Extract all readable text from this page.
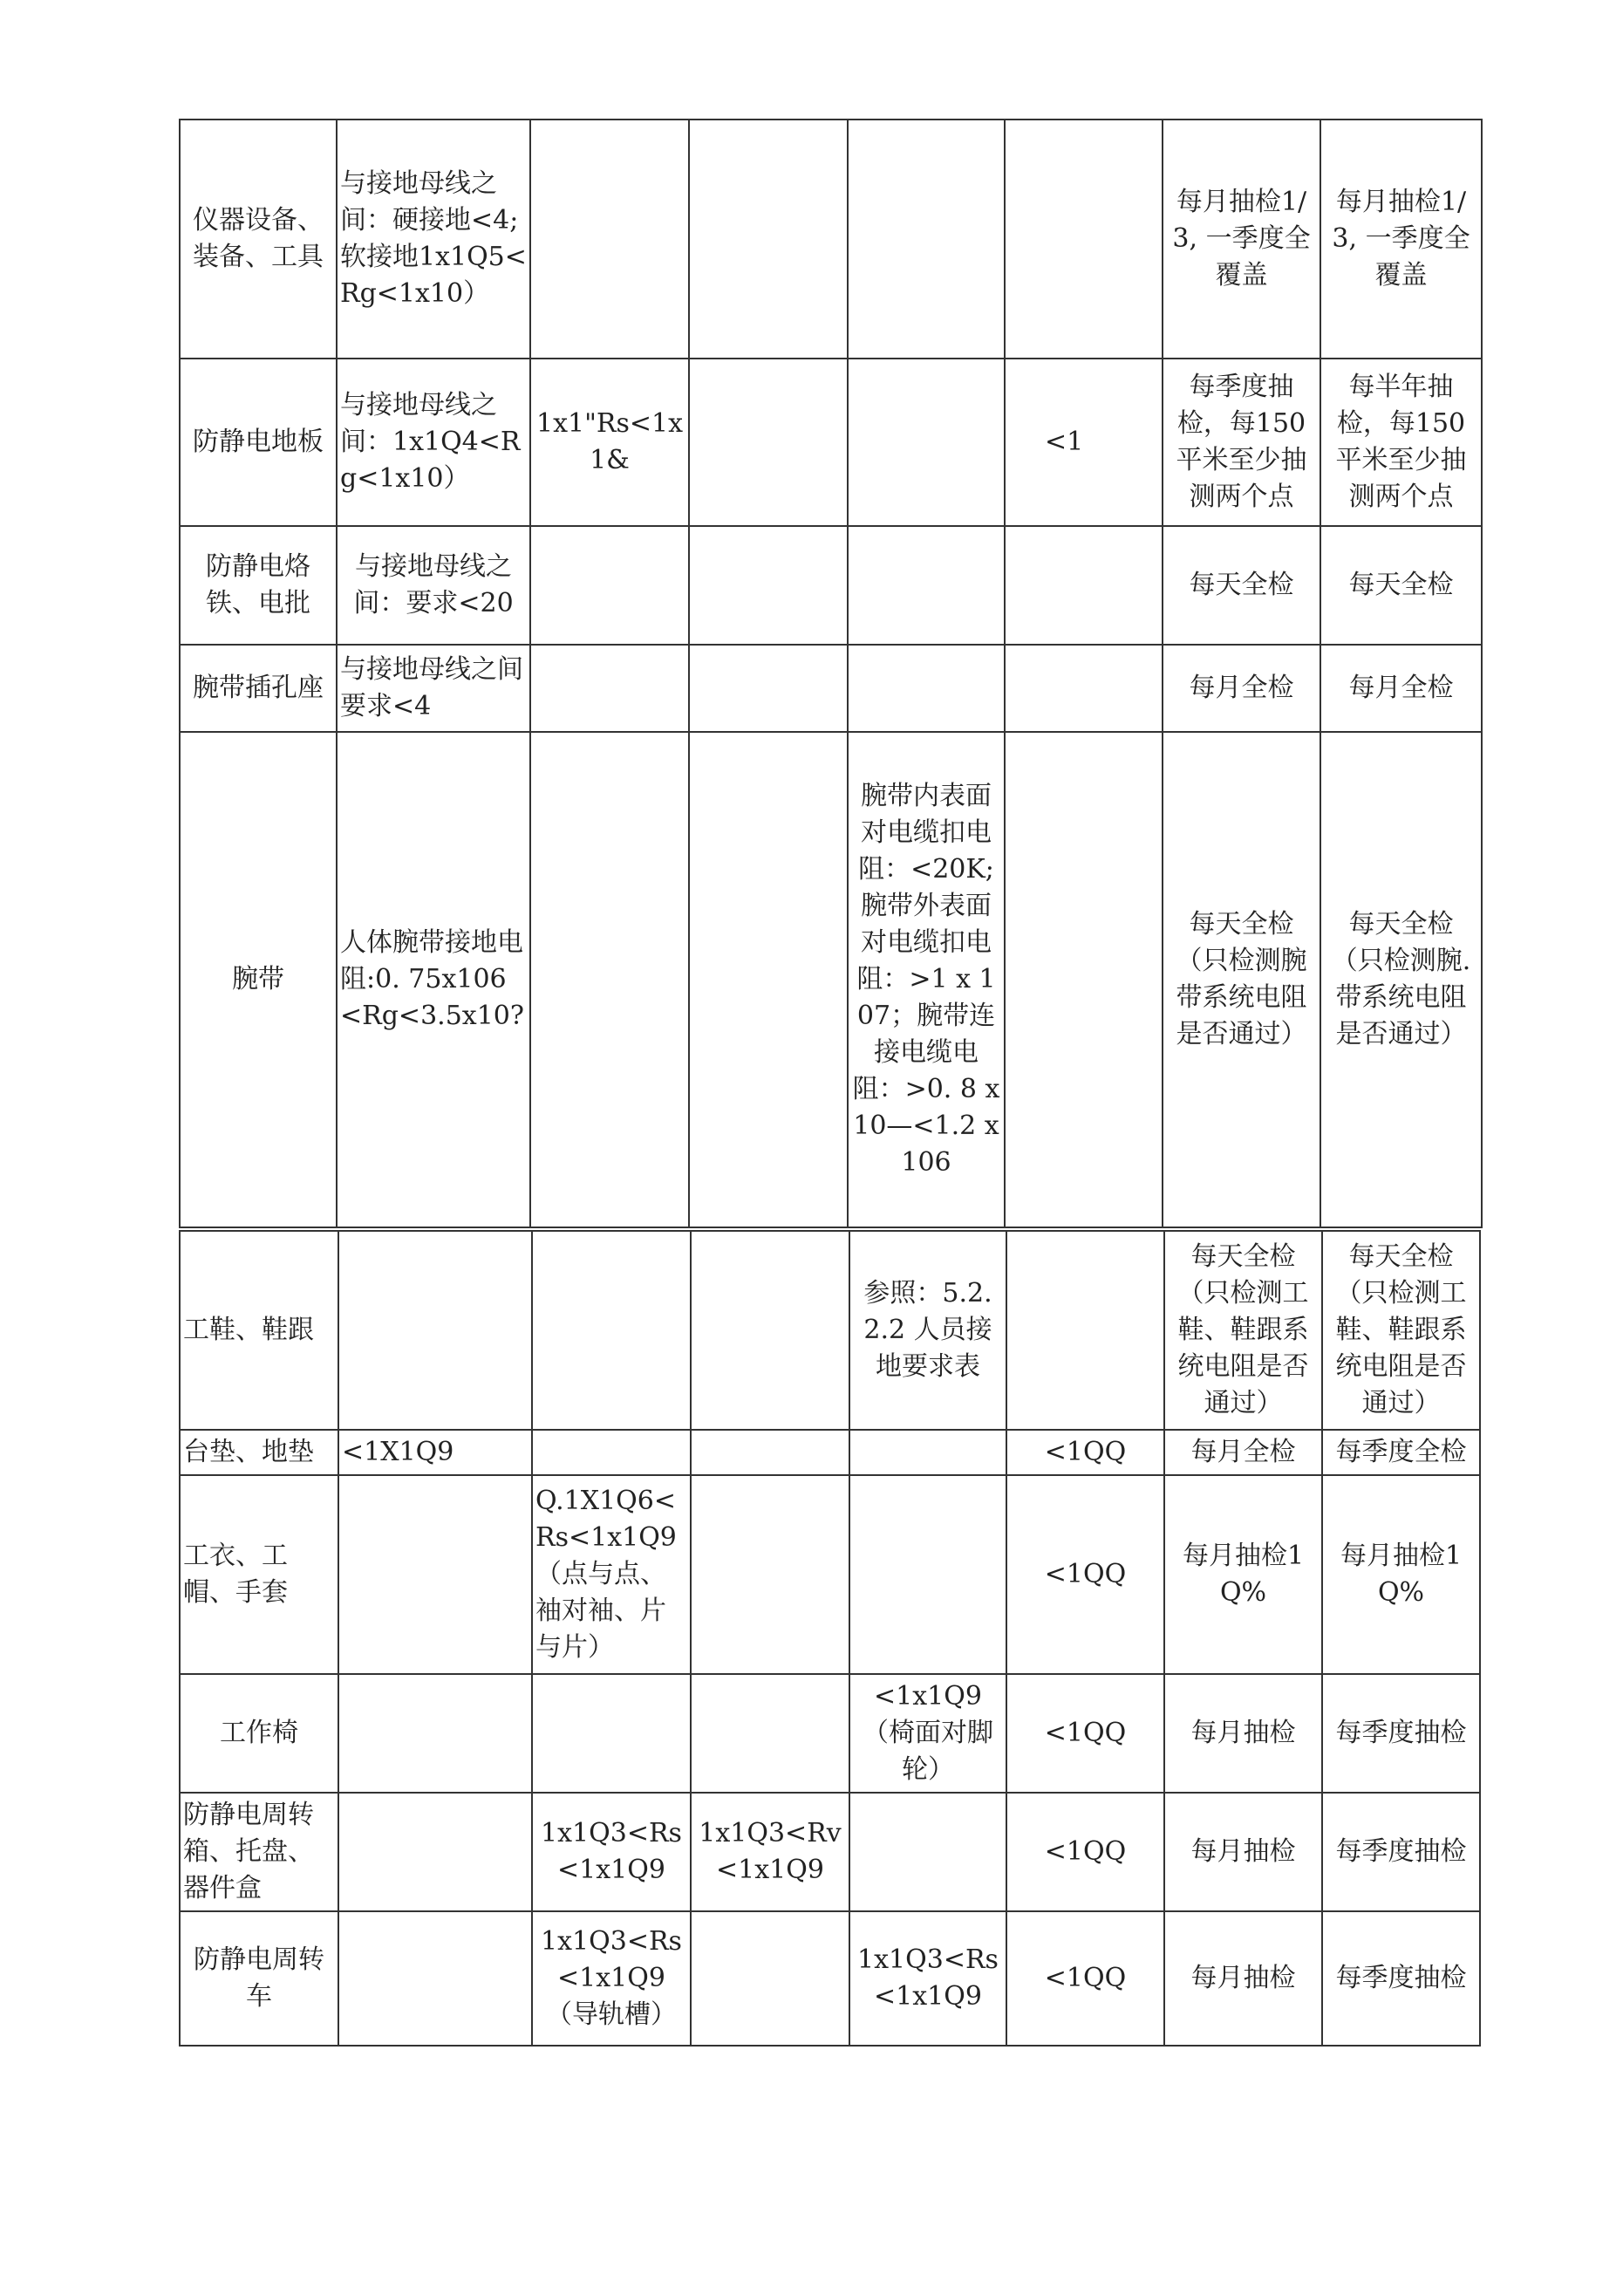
仪器设备、装备、工具	与接地母线之间：硬接地<4;软接地1x1Q5<Rg<1x10）					每月抽检1/3, 一季度全覆盖	每月抽检1/3, 一季度全覆盖
防静电地板	与接地母线之间：1x1Q4<Rg<1x10）	1x1"Rs<1x1&			<1	每季度抽检，每150平米至少抽测两个点	每半年抽检，每150平米至少抽测两个点
防静电烙铁、电批	与接地母线之间：要求<20					每天全检	每天全检
腕带插孔座	与接地母线之间要求<4					每月全检	每月全检
腕带	人体腕带接地电阻:0. 75x106<Rg<3.5x10?			腕带内表面对电缆扣电阻：<20K;腕带外表面对电缆扣电阻：>1 x 107；腕带连接电缆电阻：>0. 8 x 10—<1.2 x 106		每天全检（只检测腕带系统电阻是否通过）	每天全检（只检测腕.带系统电阻是否通过）
工鞋、鞋跟				参照：5.2.2.2 人员接地要求表		每天全检（只检测工鞋、鞋跟系统电阻是否通过）	每天全检（只检测工鞋、鞋跟系统电阻是否通过）
台垫、地垫	<1X1Q9				<1QQ	每月全检	每季度全检
工衣、工帽、手套		Q.1X1Q6<Rs<1x1Q9（点与点、袖对袖、片与片）			<1QQ	每月抽检1Q%	每月抽检1Q%
工作椅				<1x1Q9（椅面对脚轮）	<1QQ	每月抽检	每季度抽检
防静电周转箱、托盘、器件盒		1x1Q3<Rs<1x1Q9	1x1Q3<Rv<1x1Q9		<1QQ	每月抽检	每季度抽检
防静电周转车		1x1Q3<Rs<1x1Q9（导轨槽）		1x1Q3<Rs<1x1Q9	<1QQ	每月抽检	每季度抽检
